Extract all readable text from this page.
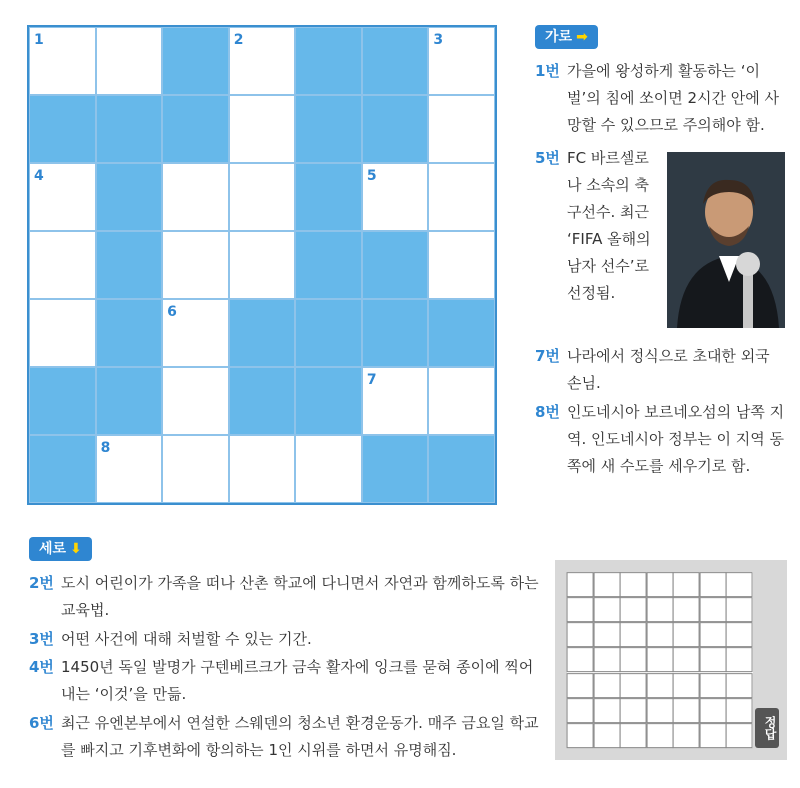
1	2	3
4	5
6
7
8
가로 ➡
1번 가을에 왕성하게 활동하는 ‘이벌’의 침에 쏘이면 2시간 안에 사망할 수 있으므로 주의해야 함.
5번 FC 바르셀로나 소속의 축구선수. 최근 ‘FIFA 올해의 남자 선수’로 선정됨.
7번 나라에서 정식으로 초대한 외국 손님.
8번 인도네시아 보르네오섬의 남쪽 지역. 인도네시아 정부는 이 지역 동쪽에 새 수도를 세우기로 함.
세로 ⬇
2번 도시 어린이가 가족을 떠나 산촌 학교에 다니면서 자연과 함께하도록 하는 교육법.
3번 어떤 사건에 대해 처벌할 수 있는 기간.
4번 1450년 독일 발명가 구텐베르크가 금속 활자에 잉크를 묻혀 종이에 찍어내는 ‘이것’을 만듦.
6번 최근 유엔본부에서 연설한 스웨덴의 청소년 환경운동가. 매주 금요일 학교를 빠지고 기후변화에 항의하는 1인 시위를 하면서 유명해짐.
정답
